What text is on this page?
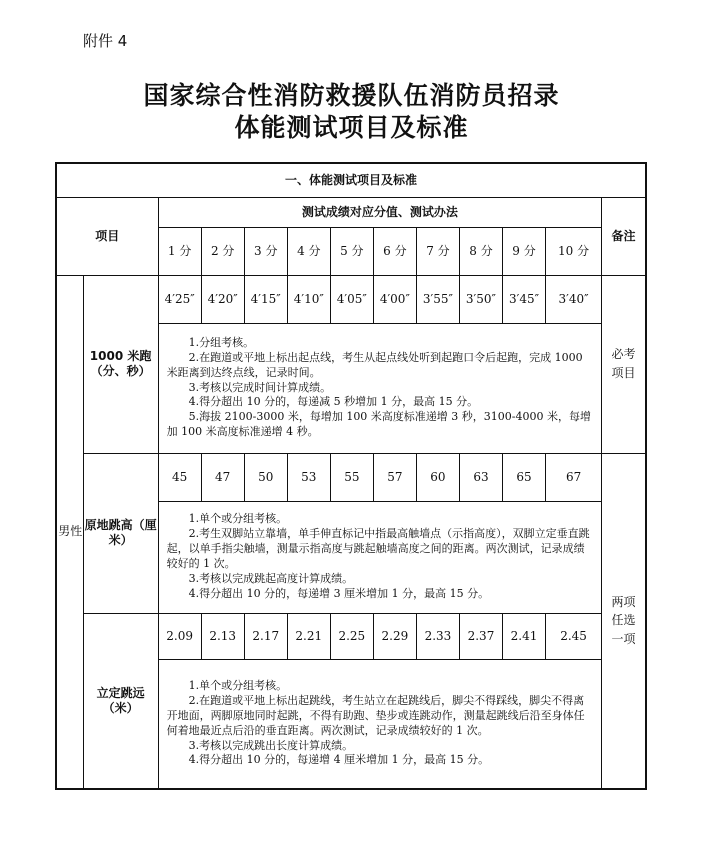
附件 4
国家综合性消防救援队伍消防员招录
体能测试项目及标准
一、体能测试项目及标准												
项目		测试成绩对应分值、测试办法										备注
		1 分	2 分	3 分	4 分	5 分	6 分	7 分	8 分	9 分	10 分	
男性	1000 米跑（分、秒）	4′25″	4′20″	4′15″	4′10″	4′05″	4′00″	3′55″	3′50″	3′45″	3′40″	必考项目

		1.分组考核。
2.在跑道或平地上标出起点线，考生从起点线处听到起跑口令后起跑，完成 1000 米距离到达终点线，记录时间。
3.考核以完成时间计算成绩。
4.得分超出 10 分的，每递减 5 秒增加 1 分，最高 15 分。
5.海拔 2100-3000 米，每增加 100 米高度标准递增 3 秒，3100-4000 米，每增加 100 米高度标准递增 4 秒。										

	原地跳高（厘米）	45	47	50	53	55	57	60	63	65	67	两项任选一项

		1.单个或分组考核。
2.考生双脚站立靠墙，单手伸直标记中指最高触墙点（示指高度），双脚立定垂直跳起，以单手指尖触墙，测量示指高度与跳起触墙高度之间的距离。两次测试，记录成绩较好的 1 次。
3.考核以完成跳起高度计算成绩。
4.得分超出 10 分的，每递增 3 厘米增加 1 分，最高 15 分。										

	立定跳远（米）	2.09	2.13	2.17	2.21	2.25	2.29	2.33	2.37	2.41	2.45	

		1.单个或分组考核。
2.在跑道或平地上标出起跳线，考生站立在起跳线后，脚尖不得踩线，脚尖不得离开地面，两脚原地同时起跳，不得有助跑、垫步或连跳动作，测量起跳线后沿至身体任何着地最近点后沿的垂直距离。两次测试，记录成绩较好的 1 次。
3.考核以完成跳出长度计算成绩。
4.得分超出 10 分的，每递增 4 厘米增加 1 分，最高 15 分。										
